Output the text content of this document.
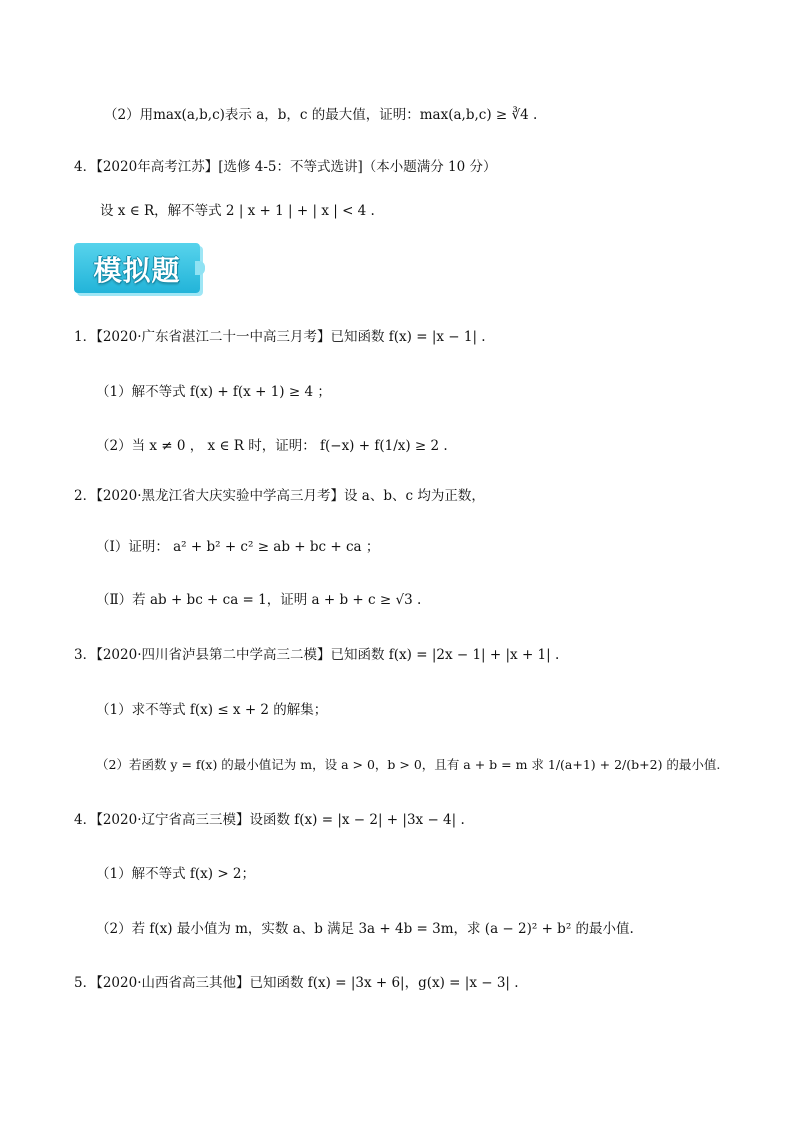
（2）用max(a,b,c)表示 a，b，c 的最大值，证明：max(a,b,c) ≥ ∛4 .
4．【2020年高考江苏】[选修 4-5：不等式选讲]（本小题满分 10 分）
设 x ∈ R，解不等式 2 | x + 1 | + | x | < 4 .
模拟题
1．【2020·广东省湛江二十一中高三月考】已知函数 f(x) = |x − 1| .
（1）解不等式 f(x) + f(x + 1) ≥ 4 ；
（2）当 x ≠ 0 ， x ∈ R 时，证明： f(−x) + f(1/x) ≥ 2 .
2．【2020·黑龙江省大庆实验中学高三月考】设 a、b、c 均为正数，
（Ⅰ）证明： a² + b² + c² ≥ ab + bc + ca ；
（Ⅱ）若 ab + bc + ca = 1，证明 a + b + c ≥ √3 .
3．【2020·四川省泸县第二中学高三二模】已知函数 f(x) = |2x − 1| + |x + 1| .
（1）求不等式 f(x) ≤ x + 2 的解集；
（2）若函数 y = f(x) 的最小值记为 m，设 a > 0，b > 0，且有 a + b = m 求 1/(a+1) + 2/(b+2) 的最小值.
4．【2020·辽宁省高三三模】设函数 f(x) = |x − 2| + |3x − 4| .
（1）解不等式 f(x) > 2；
（2）若 f(x) 最小值为 m，实数 a、b 满足 3a + 4b = 3m，求 (a − 2)² + b² 的最小值.
5．【2020·山西省高三其他】已知函数 f(x) = |3x + 6|，g(x) = |x − 3| .
